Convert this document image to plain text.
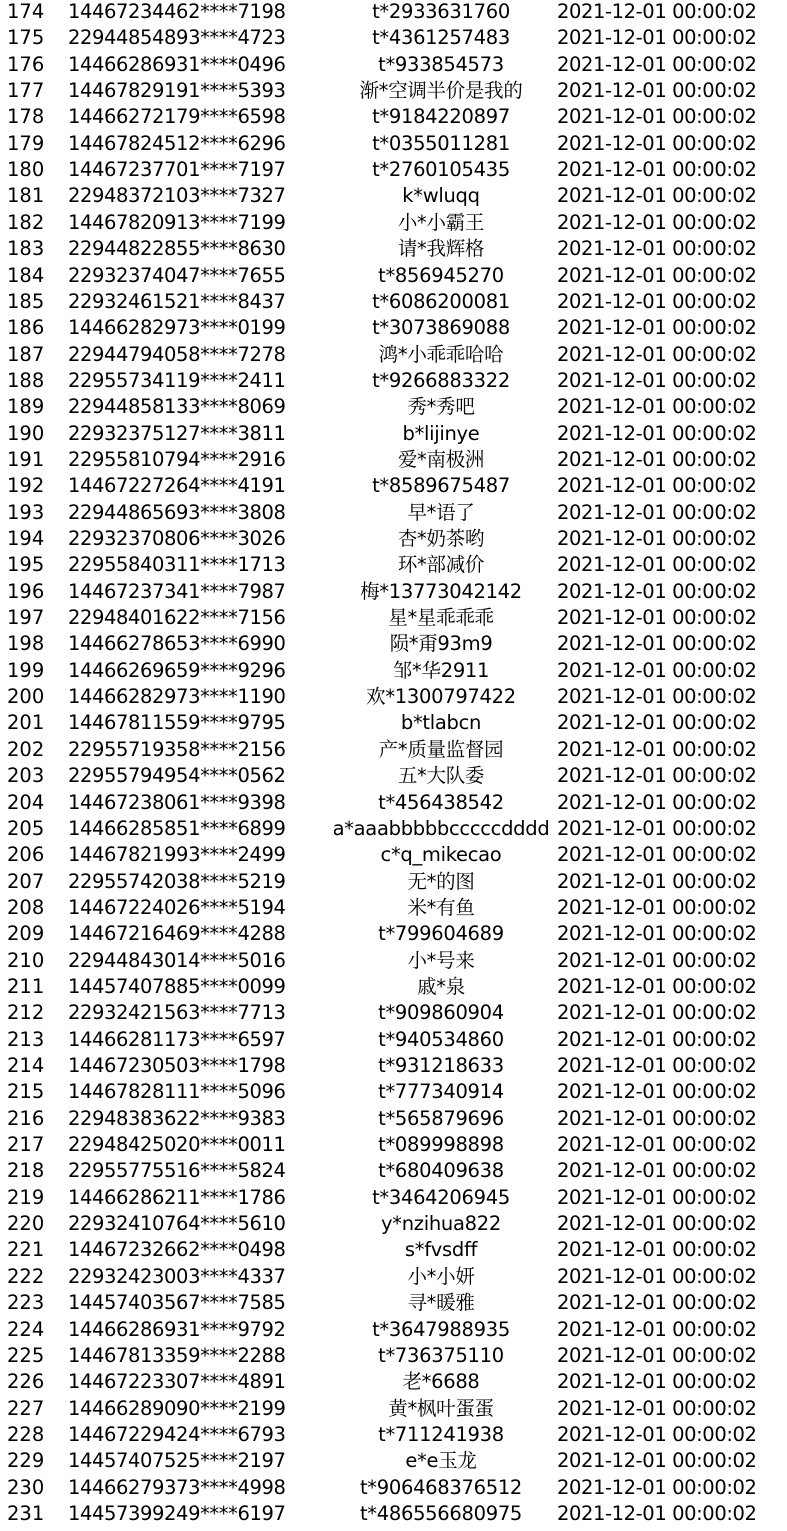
174	14467234462****7198	t*2933631760	2021-12-01 00:00:02
175	22944854893****4723	t*4361257483	2021-12-01 00:00:02
176	14466286931****0496	t*933854573	2021-12-01 00:00:02
177	14467829191****5393	渐*空调半价是我的	2021-12-01 00:00:02
178	14466272179****6598	t*9184220897	2021-12-01 00:00:02
179	14467824512****6296	t*0355011281	2021-12-01 00:00:02
180	14467237701****7197	t*2760105435	2021-12-01 00:00:02
181	22948372103****7327	k*wluqq	2021-12-01 00:00:02
182	14467820913****7199	小*小霸王	2021-12-01 00:00:02
183	22944822855****8630	请*我辉格	2021-12-01 00:00:02
184	22932374047****7655	t*856945270	2021-12-01 00:00:02
185	22932461521****8437	t*6086200081	2021-12-01 00:00:02
186	14466282973****0199	t*3073869088	2021-12-01 00:00:02
187	22944794058****7278	鸿*小乖乖哈哈	2021-12-01 00:00:02
188	22955734119****2411	t*9266883322	2021-12-01 00:00:02
189	22944858133****8069	秀*秀吧	2021-12-01 00:00:02
190	22932375127****3811	b*lijinye	2021-12-01 00:00:02
191	22955810794****2916	爱*南极洲	2021-12-01 00:00:02
192	14467227264****4191	t*8589675487	2021-12-01 00:00:02
193	22944865693****3808	早*语了	2021-12-01 00:00:02
194	22932370806****3026	杏*奶茶哟	2021-12-01 00:00:02
195	22955840311****1713	环*部减价	2021-12-01 00:00:02
196	14467237341****7987	梅*13773042142	2021-12-01 00:00:02
197	22948401622****7156	星*星乖乖乖	2021-12-01 00:00:02
198	14466278653****6990	陨*甭93m9	2021-12-01 00:00:02
199	14466269659****9296	邹*华2911	2021-12-01 00:00:02
200	14466282973****1190	欢*1300797422	2021-12-01 00:00:02
201	14467811559****9795	b*tlabcn	2021-12-01 00:00:02
202	22955719358****2156	产*质量监督园	2021-12-01 00:00:02
203	22955794954****0562	五*大队委	2021-12-01 00:00:02
204	14467238061****9398	t*456438542	2021-12-01 00:00:02
205	14466285851****6899	a*aaabbbbbcccccdddd 2021-12-01 00:00:02
206	14467821993****2499	c*q_mikecao	2021-12-01 00:00:02
207	22955742038****5219	无*的图	2021-12-01 00:00:02
208	14467224026****5194	米*有鱼	2021-12-01 00:00:02
209	14467216469****4288	t*799604689	2021-12-01 00:00:02
210	22944843014****5016	小*号来	2021-12-01 00:00:02
211	14457407885****0099	戚*泉	2021-12-01 00:00:02
212	22932421563****7713	t*909860904	2021-12-01 00:00:02
213	14466281173****6597	t*940534860	2021-12-01 00:00:02
214	14467230503****1798	t*931218633	2021-12-01 00:00:02
215	14467828111****5096	t*777340914	2021-12-01 00:00:02
216	22948383622****9383	t*565879696	2021-12-01 00:00:02
217	22948425020****0011	t*089998898	2021-12-01 00:00:02
218	22955775516****5824	t*680409638	2021-12-01 00:00:02
219	14466286211****1786	t*3464206945	2021-12-01 00:00:02
220	22932410764****5610	y*nzihua822	2021-12-01 00:00:02
221	14467232662****0498	s*fvsdff	2021-12-01 00:00:02
222	22932423003****4337	小*小妍	2021-12-01 00:00:02
223	14457403567****7585	寻*暖雅	2021-12-01 00:00:02
224	14466286931****9792	t*3647988935	2021-12-01 00:00:02
225	14467813359****2288	t*736375110	2021-12-01 00:00:02
226	14467223307****4891	老*6688	2021-12-01 00:00:02
227	14466289090****2199	黄*枫叶蛋蛋	2021-12-01 00:00:02
228	14467229424****6793	t*711241938	2021-12-01 00:00:02
229	14457407525****2197	e*e玉龙	2021-12-01 00:00:02
230	14466279373****4998	t*906468376512	2021-12-01 00:00:02
231	14457399249****6197	t*486556680975	2021-12-01 00:00:02
